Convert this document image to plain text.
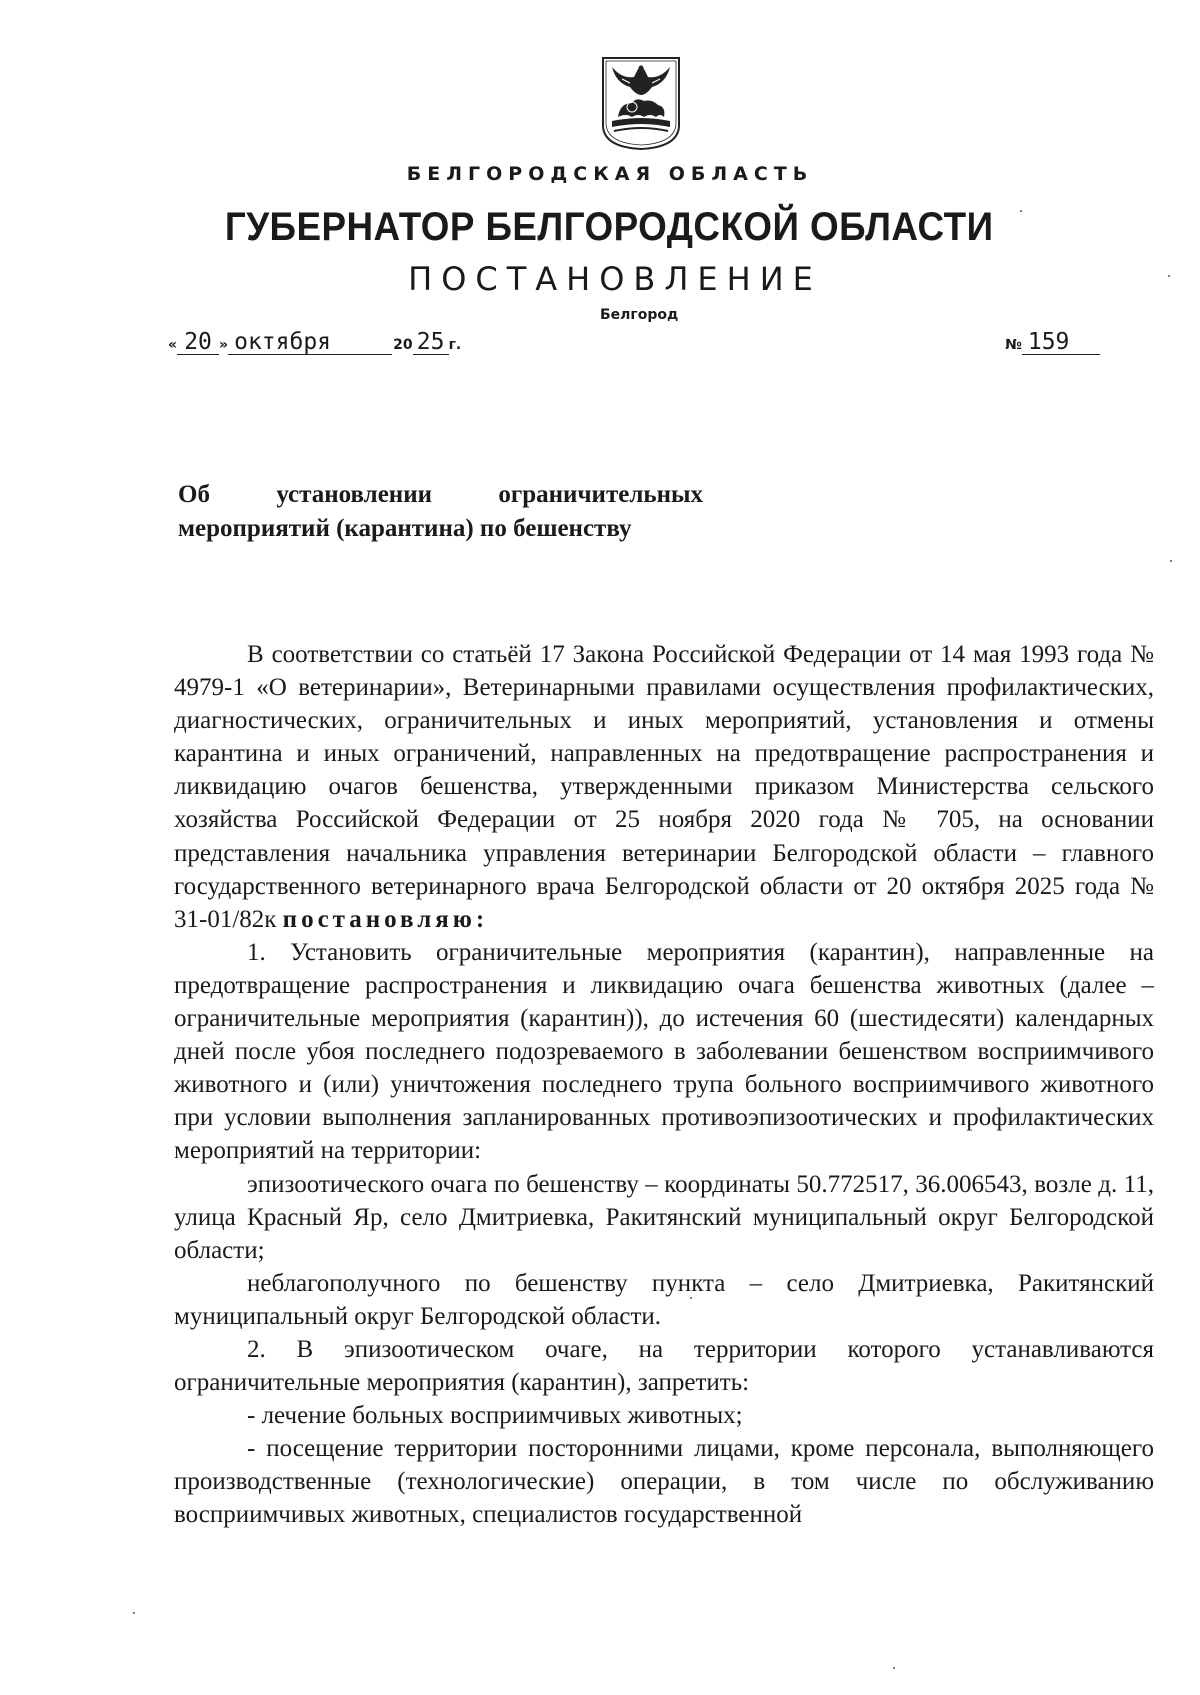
БЕЛГОРОДСКАЯ ОБЛАСТЬ
ГУБЕРНАТОР БЕЛГОРОДСКОЙ ОБЛАСТИ
ПОСТАНОВЛЕНИЕ
Белгород
« 20 » октября	20 25 г.	№ 159
Об	установлении	ограничительных
мероприятий (карантина) по бешенству

В соответствии со статьёй 17 Закона Российской Федерации от 14 мая 1993 года № 4979-1 «О ветеринарии», Ветеринарными правилами осуществления профилактических, диагностических, ограничительных и иных мероприятий, установления и отмены карантина и иных ограничений, направленных на предотвращение распространения и ликвидацию очагов бешенства, утвержденными приказом Министерства сельского хозяйства Российской Федерации от 25 ноября 2020 года № 705, на основании представления начальника управления ветеринарии Белгородской области – главного государственного ветеринарного врача Белгородской области от 20 октября 2025 года № 31-01/82к постановляю:

1. Установить ограничительные мероприятия (карантин), направленные на предотвращение распространения и ликвидацию очага бешенства животных (далее – ограничительные мероприятия (карантин)), до истечения 60 (шестидесяти) календарных дней после убоя последнего подозреваемого в заболевании бешенством восприимчивого животного и (или) уничтожения последнего трупа больного восприимчивого животного при условии выполнения запланированных противоэпизоотических и профилактических мероприятий на территории:

эпизоотического очага по бешенству – координаты 50.772517, 36.006543, возле д. 11, улица Красный Яр, село Дмитриевка, Ракитянский муниципальный округ Белгородской области;

неблагополучного по бешенству пункта – село Дмитриевка, Ракитянский муниципальный округ Белгородской области.

2. В эпизоотическом очаге, на территории которого устанавливаются ограничительные мероприятия (карантин), запретить:

- лечение больных восприимчивых животных;

- посещение территории посторонними лицами, кроме персонала, выполняющего производственные (технологические) операции, в том числе по обслуживанию восприимчивых животных, специалистов государственной
